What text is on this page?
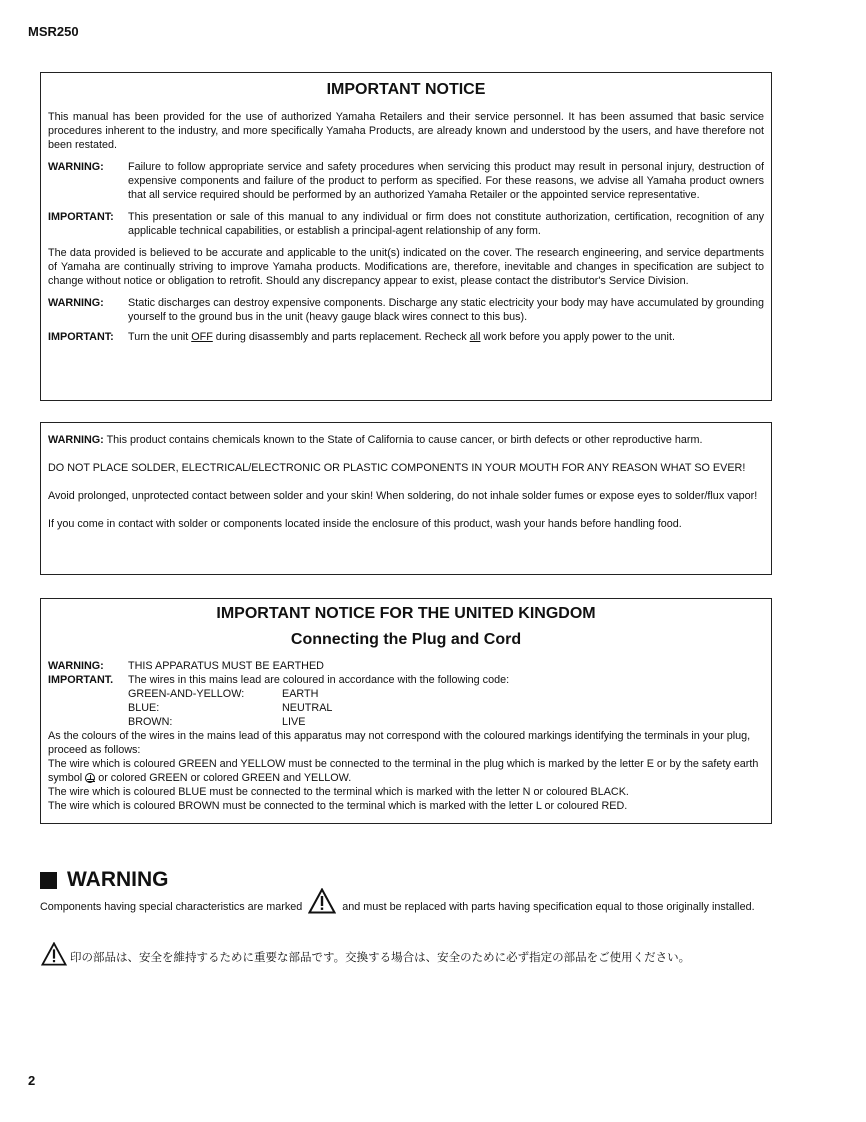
MSR250
IMPORTANT NOTICE

This manual has been provided for the use of authorized Yamaha Retailers and their service personnel. It has been assumed that basic service procedures inherent to the industry, and more specifically Yamaha Products, are already known and understood by the users, and have therefore not been restated.

WARNING:	Failure to follow appropriate service and safety procedures when servicing this product may result in personal injury, destruction of expensive components and failure of the product to perform as specified. For these reasons, we advise all Yamaha product owners that all service required should be performed by an authorized Yamaha Retailer or the appointed service representative.
IMPORTANT:	This presentation or sale of this manual to any individual or firm does not constitute authorization, certification, recognition of any applicable technical capabilities, or establish a principal-agent relationship of any form.

The data provided is believed to be accurate and applicable to the unit(s) indicated on the cover. The research engineering, and service departments of Yamaha are continually striving to improve Yamaha products. Modifications are, therefore, inevitable and changes in specification are subject to change without notice or obligation to retrofit. Should any discrepancy appear to exist, please contact the distributor's Service Division.

WARNING:	Static discharges can destroy expensive components. Discharge any static electricity your body may have accumulated by grounding yourself to the ground bus in the unit (heavy gauge black wires connect to this bus).
IMPORTANT:	Turn the unit OFF during disassembly and parts replacement. Recheck all work before you apply power to the unit.

WARNING: This product contains chemicals known to the State of California to cause cancer, or birth defects or other reproductive harm.

DO NOT PLACE SOLDER, ELECTRICAL/ELECTRONIC OR PLASTIC COMPONENTS IN YOUR MOUTH FOR ANY REASON WHAT SO EVER!

Avoid prolonged, unprotected contact between solder and your skin! When soldering, do not inhale solder fumes or expose eyes to solder/flux vapor!

If you come in contact with solder or components located inside the enclosure of this product, wash your hands before handling food.

IMPORTANT NOTICE FOR THE UNITED KINGDOM
Connecting the Plug and Cord
WARNING:	THIS APPARATUS MUST BE EARTHED
IMPORTANT.	The wires in this mains lead are coloured in accordance with the following code:
GREEN-AND-YELLOW:	EARTH
BLUE:	NEUTRAL
BROWN:	LIVE

As the colours of the wires in the mains lead of this apparatus may not correspond with the coloured markings identifying the terminals in your plug, proceed as follows:

The wire which is coloured GREEN and YELLOW must be connected to the terminal in the plug which is marked by the letter E or by the safety earth symbol  or colored GREEN or colored GREEN and YELLOW.

The wire which is coloured BLUE must be connected to the terminal which is marked with the letter N or coloured BLACK.

The wire which is coloured BROWN must be connected to the terminal which is marked with the letter L or coloured RED.

WARNING
Components having special characteristics are marked	and must be replaced with parts having specification equal to those originally installed.
印の部品は、安全を維持するために重要な部品です。交換する場合は、安全のために必ず指定の部品をご使用ください。
2
